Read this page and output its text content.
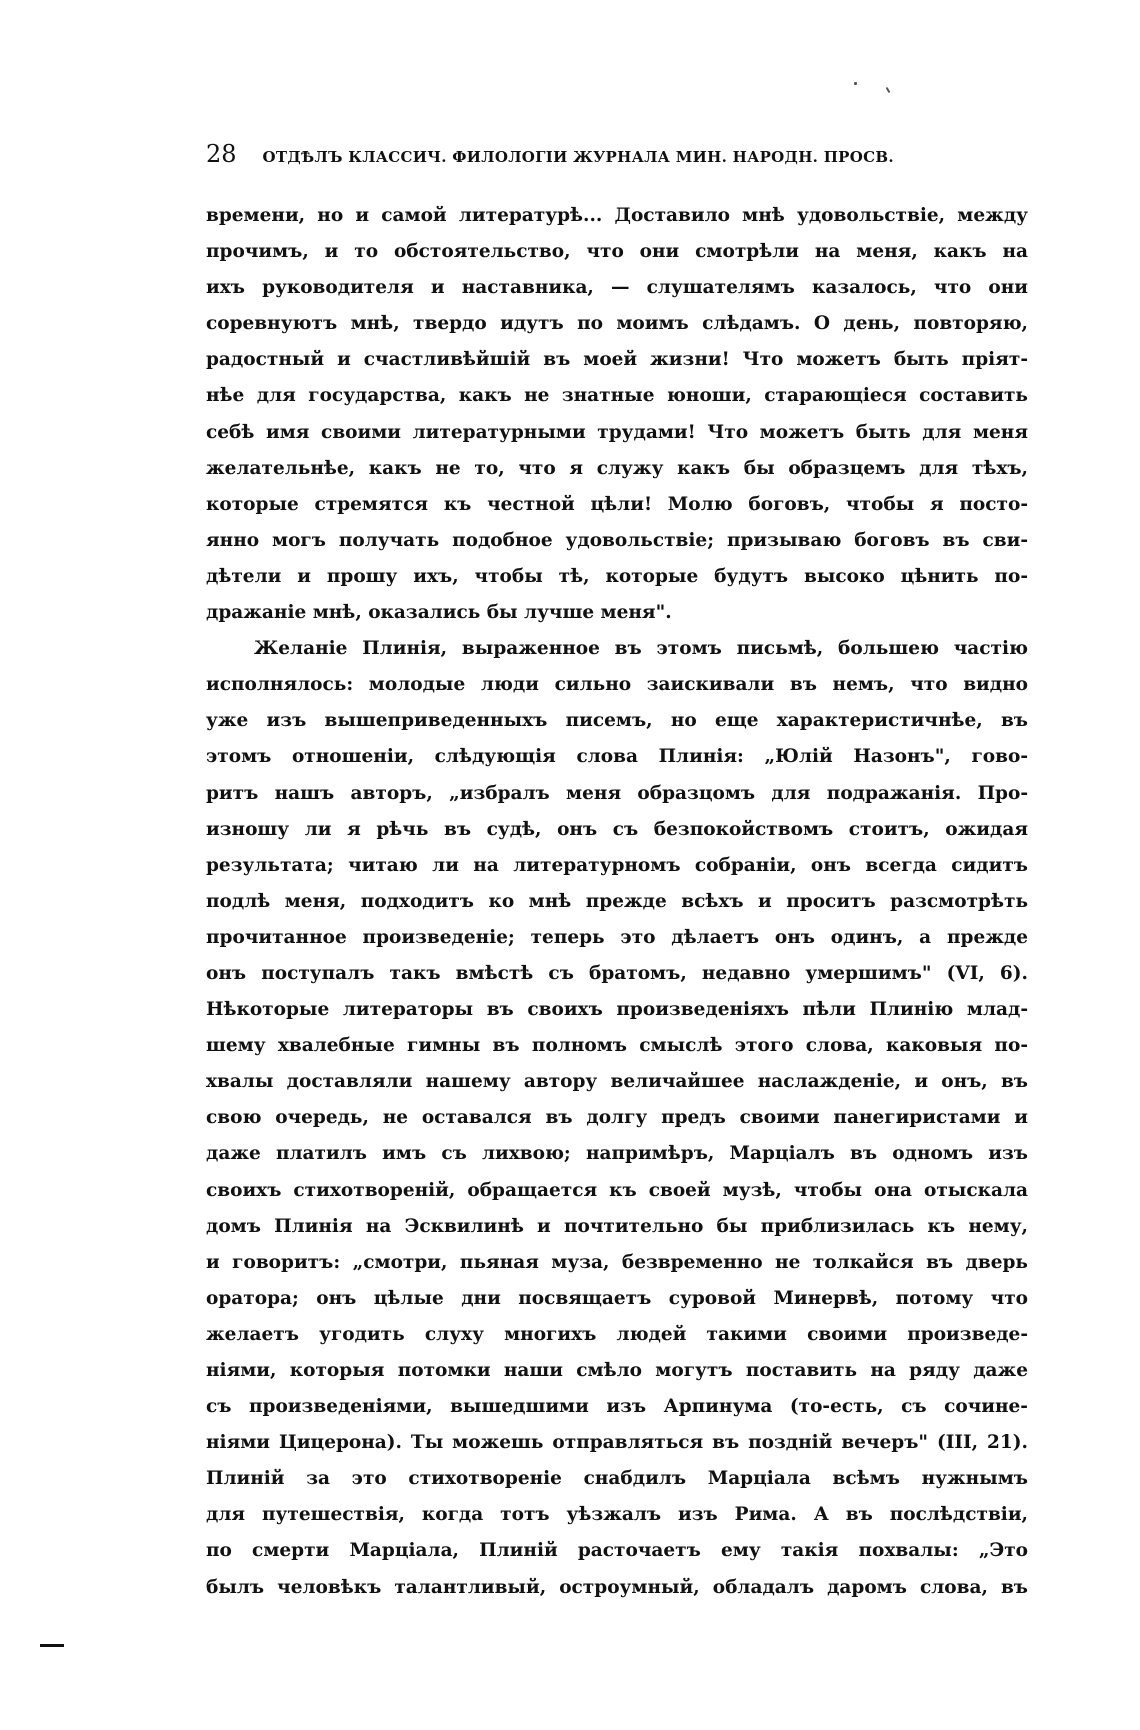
28 ОТДѢЛЪ КЛАССИЧ. ФИЛОЛОГІИ ЖУРНАЛА МИН. НАРОДН. ПРОСВ.
времени, но и самой литературѣ... Доставило мнѣ удовольствіе, между
прочимъ, и то обстоятельство, что они смотрѣли на меня, какъ на
ихъ руководителя и наставника, — слушателямъ казалось, что они
соревнуютъ мнѣ, твердо идутъ по моимъ слѣдамъ. О день, повторяю,
радостный и счастливѣйшій въ моей жизни! Что можетъ быть пріят-
нѣе для государства, какъ не знатные юноши, старающіеся составить
себѣ имя своими литературными трудами! Что можетъ быть для меня
желательнѣе, какъ не то, что я служу какъ бы образцемъ для тѣхъ,
которые стремятся къ честной цѣли! Молю боговъ, чтобы я посто-
янно могъ получать подобное удовольствіе; призываю боговъ въ сви-
дѣтели и прошу ихъ, чтобы тѣ, которые будутъ высоко цѣнить по-
дражаніе мнѣ, оказались бы лучше меня".
Желаніе Плинія, выраженное въ этомъ письмѣ, большею частію
исполнялось: молодые люди сильно заискивали въ немъ, что видно
уже изъ вышеприведенныхъ писемъ, но еще характеристичнѣе, въ
этомъ отношеніи, слѣдующія слова Плинія: „Юлій Назонъ", гово-
ритъ нашъ авторъ, „избралъ меня образцомъ для подражанія. Про-
изношу ли я рѣчь въ судѣ, онъ съ безпокойствомъ стоитъ, ожидая
результата; читаю ли на литературномъ собраніи, онъ всегда сидитъ
подлѣ меня, подходитъ ко мнѣ прежде всѣхъ и проситъ разсмотрѣть
прочитанное произведеніе; теперь это дѣлаетъ онъ одинъ, а прежде
онъ поступалъ такъ вмѣстѣ съ братомъ, недавно умершимъ" (VI, 6).
Нѣкоторые литераторы въ своихъ произведеніяхъ пѣли Плинію млад-
шему хвалебные гимны въ полномъ смыслѣ этого слова, каковыя по-
хвалы доставляли нашему автору величайшее наслажденіе, и онъ, въ
свою очередь, не оставался въ долгу предъ своими панегиристами и
даже платилъ имъ съ лихвою; напримѣръ, Марціалъ въ одномъ изъ
своихъ стихотвореній, обращается къ своей музѣ, чтобы она отыскала
домъ Плинія на Эсквилинѣ и почтительно бы приблизилась къ нему,
и говоритъ: „смотри, пьяная муза, безвременно не толкайся въ дверь
оратора; онъ цѣлые дни посвящаетъ суровой Минервѣ, потому что
желаетъ угодить слуху многихъ людей такими своими произведе-
ніями, которыя потомки наши смѣло могутъ поставить на ряду даже
съ произведеніями, вышедшими изъ Арпинума (то-есть, съ сочине-
ніями Цицерона). Ты можешь отправляться въ поздній вечеръ" (III, 21).
Плиній за это стихотвореніе снабдилъ Марціала всѣмъ нужнымъ
для путешествія, когда тотъ уѣзжалъ изъ Рима. А въ послѣдствіи,
по смерти Марціала, Плиній расточаетъ ему такія похвалы: „Это
былъ человѣкъ талантливый, остроумный, обладалъ даромъ слова, въ
